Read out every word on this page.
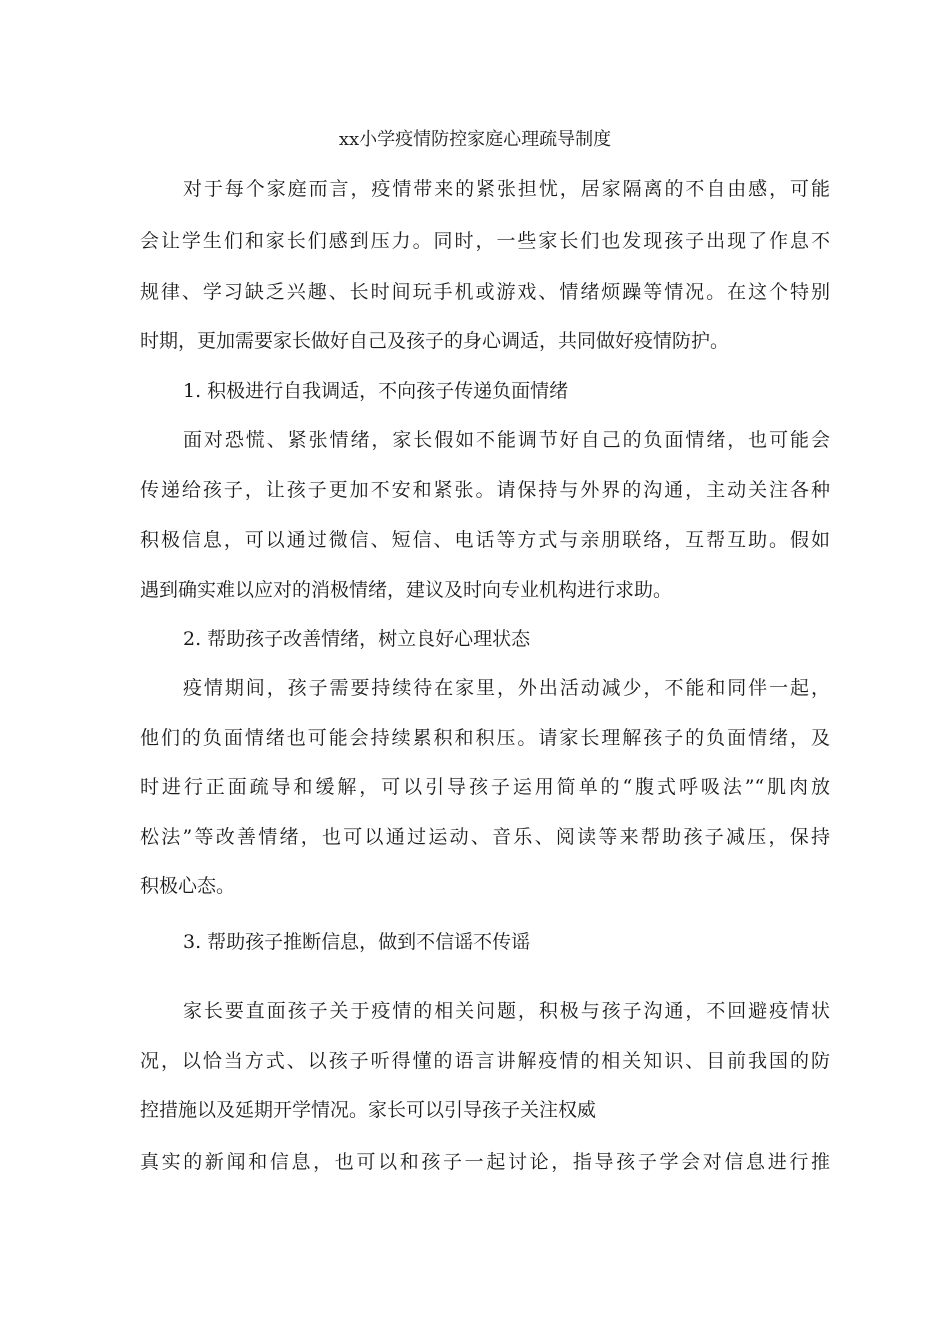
xx小学疫情防控家庭心理疏导制度
对于每个家庭而言，疫情带来的紧张担忧，居家隔离的不自由感，可能
会让学生们和家长们感到压力。同时，一些家长们也发现孩子出现了作息不
规律、学习缺乏兴趣、长时间玩手机或游戏、情绪烦躁等情况。在这个特别
时期，更加需要家长做好自己及孩子的身心调适，共同做好疫情防护。
1. 积极进行自我调适，不向孩子传递负面情绪
面对恐慌、紧张情绪，家长假如不能调节好自己的负面情绪，也可能会
传递给孩子，让孩子更加不安和紧张。请保持与外界的沟通，主动关注各种
积极信息，可以通过微信、短信、电话等方式与亲朋联络，互帮互助。假如
遇到确实难以应对的消极情绪，建议及时向专业机构进行求助。
2. 帮助孩子改善情绪，树立良好心理状态
疫情期间，孩子需要持续待在家里，外出活动减少，不能和同伴一起，
他们的负面情绪也可能会持续累积和积压。请家长理解孩子的负面情绪，及
时进行正面疏导和缓解，可以引导孩子运用简单的“腹式呼吸法”“肌肉放
松法”等改善情绪，也可以通过运动、音乐、阅读等来帮助孩子减压，保持
积极心态。
3. 帮助孩子推断信息，做到不信谣不传谣
家长要直面孩子关于疫情的相关问题，积极与孩子沟通，不回避疫情状
况，以恰当方式、以孩子听得懂的语言讲解疫情的相关知识、目前我国的防
控措施以及延期开学情况。家长可以引导孩子关注权威
真实的新闻和信息，也可以和孩子一起讨论，指导孩子学会对信息进行推
